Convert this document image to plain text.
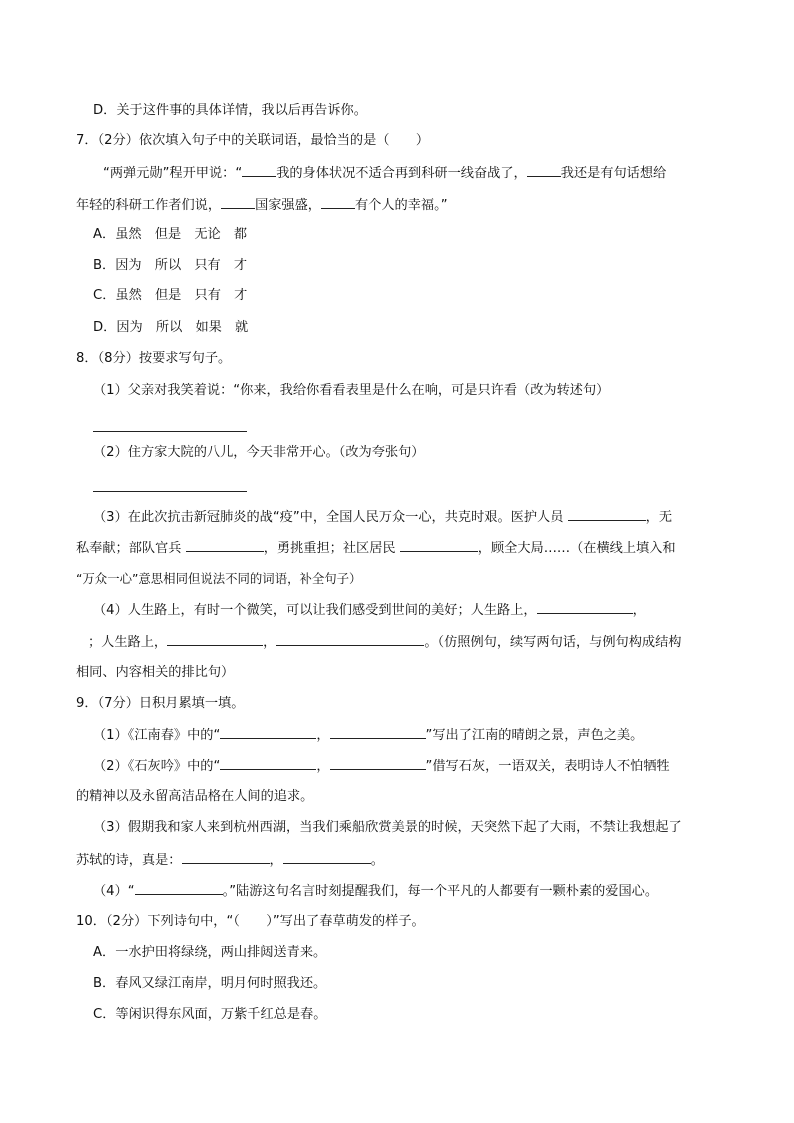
D．关于这件事的具体详情，我以后再告诉你。
7．（2分）依次填入句子中的关联词语，最恰当的是（　　）
“两弹元勋”程开甲说：“	我的身体状况不适合再到科研一线奋战了，	我还是有句话想给
年轻的科研工作者们说，	国家强盛，	有个人的幸福。”
A．虽然　但是　无论　都
B．因为　所以　只有　才
C．虽然　但是　只有　才
D．因为　所以　如果　就
8．（8分）按要求写句子。
（1）父亲对我笑着说：“你来，我给你看看表里是什么在响，可是只许看（改为转述句）
（2）住方家大院的八儿，今天非常开心。（改为夸张句）
（3）在此次抗击新冠肺炎的战“疫”中，全国人民万众一心，共克时艰。医护人员	，无
私奉献；部队官兵	，勇挑重担；社区居民	，顾全大局……（在横线上填入和
“万众一心”意思相同但说法不同的词语，补全句子）
（4）人生路上，有时一个微笑，可以让我们感受到世间的美好；人生路上，	，
；人生路上，	，	。（仿照例句，续写两句话，与例句构成结构
相同、内容相关的排比句）
9．（7分）日积月累填一填。
（1）《江南春》中的“	，	”写出了江南的晴朗之景，声色之美。
（2）《石灰吟》中的“	，	”借写石灰，一语双关，表明诗人不怕牺牲
的精神以及永留高洁品格在人间的追求。
（3）假期我和家人来到杭州西湖，当我们乘船欣赏美景的时候，天突然下起了大雨，不禁让我想起了
苏轼的诗，真是：	，	。
（4）“	。”陆游这句名言时刻提醒我们，每一个平凡的人都要有一颗朴素的爱国心。
10．（2分）下列诗句中，“（　　）”写出了春草萌发的样子。
A．一水护田将绿绕，两山排闼送青来。
B．春风又绿江南岸，明月何时照我还。
C．等闲识得东风面，万紫千红总是春。
